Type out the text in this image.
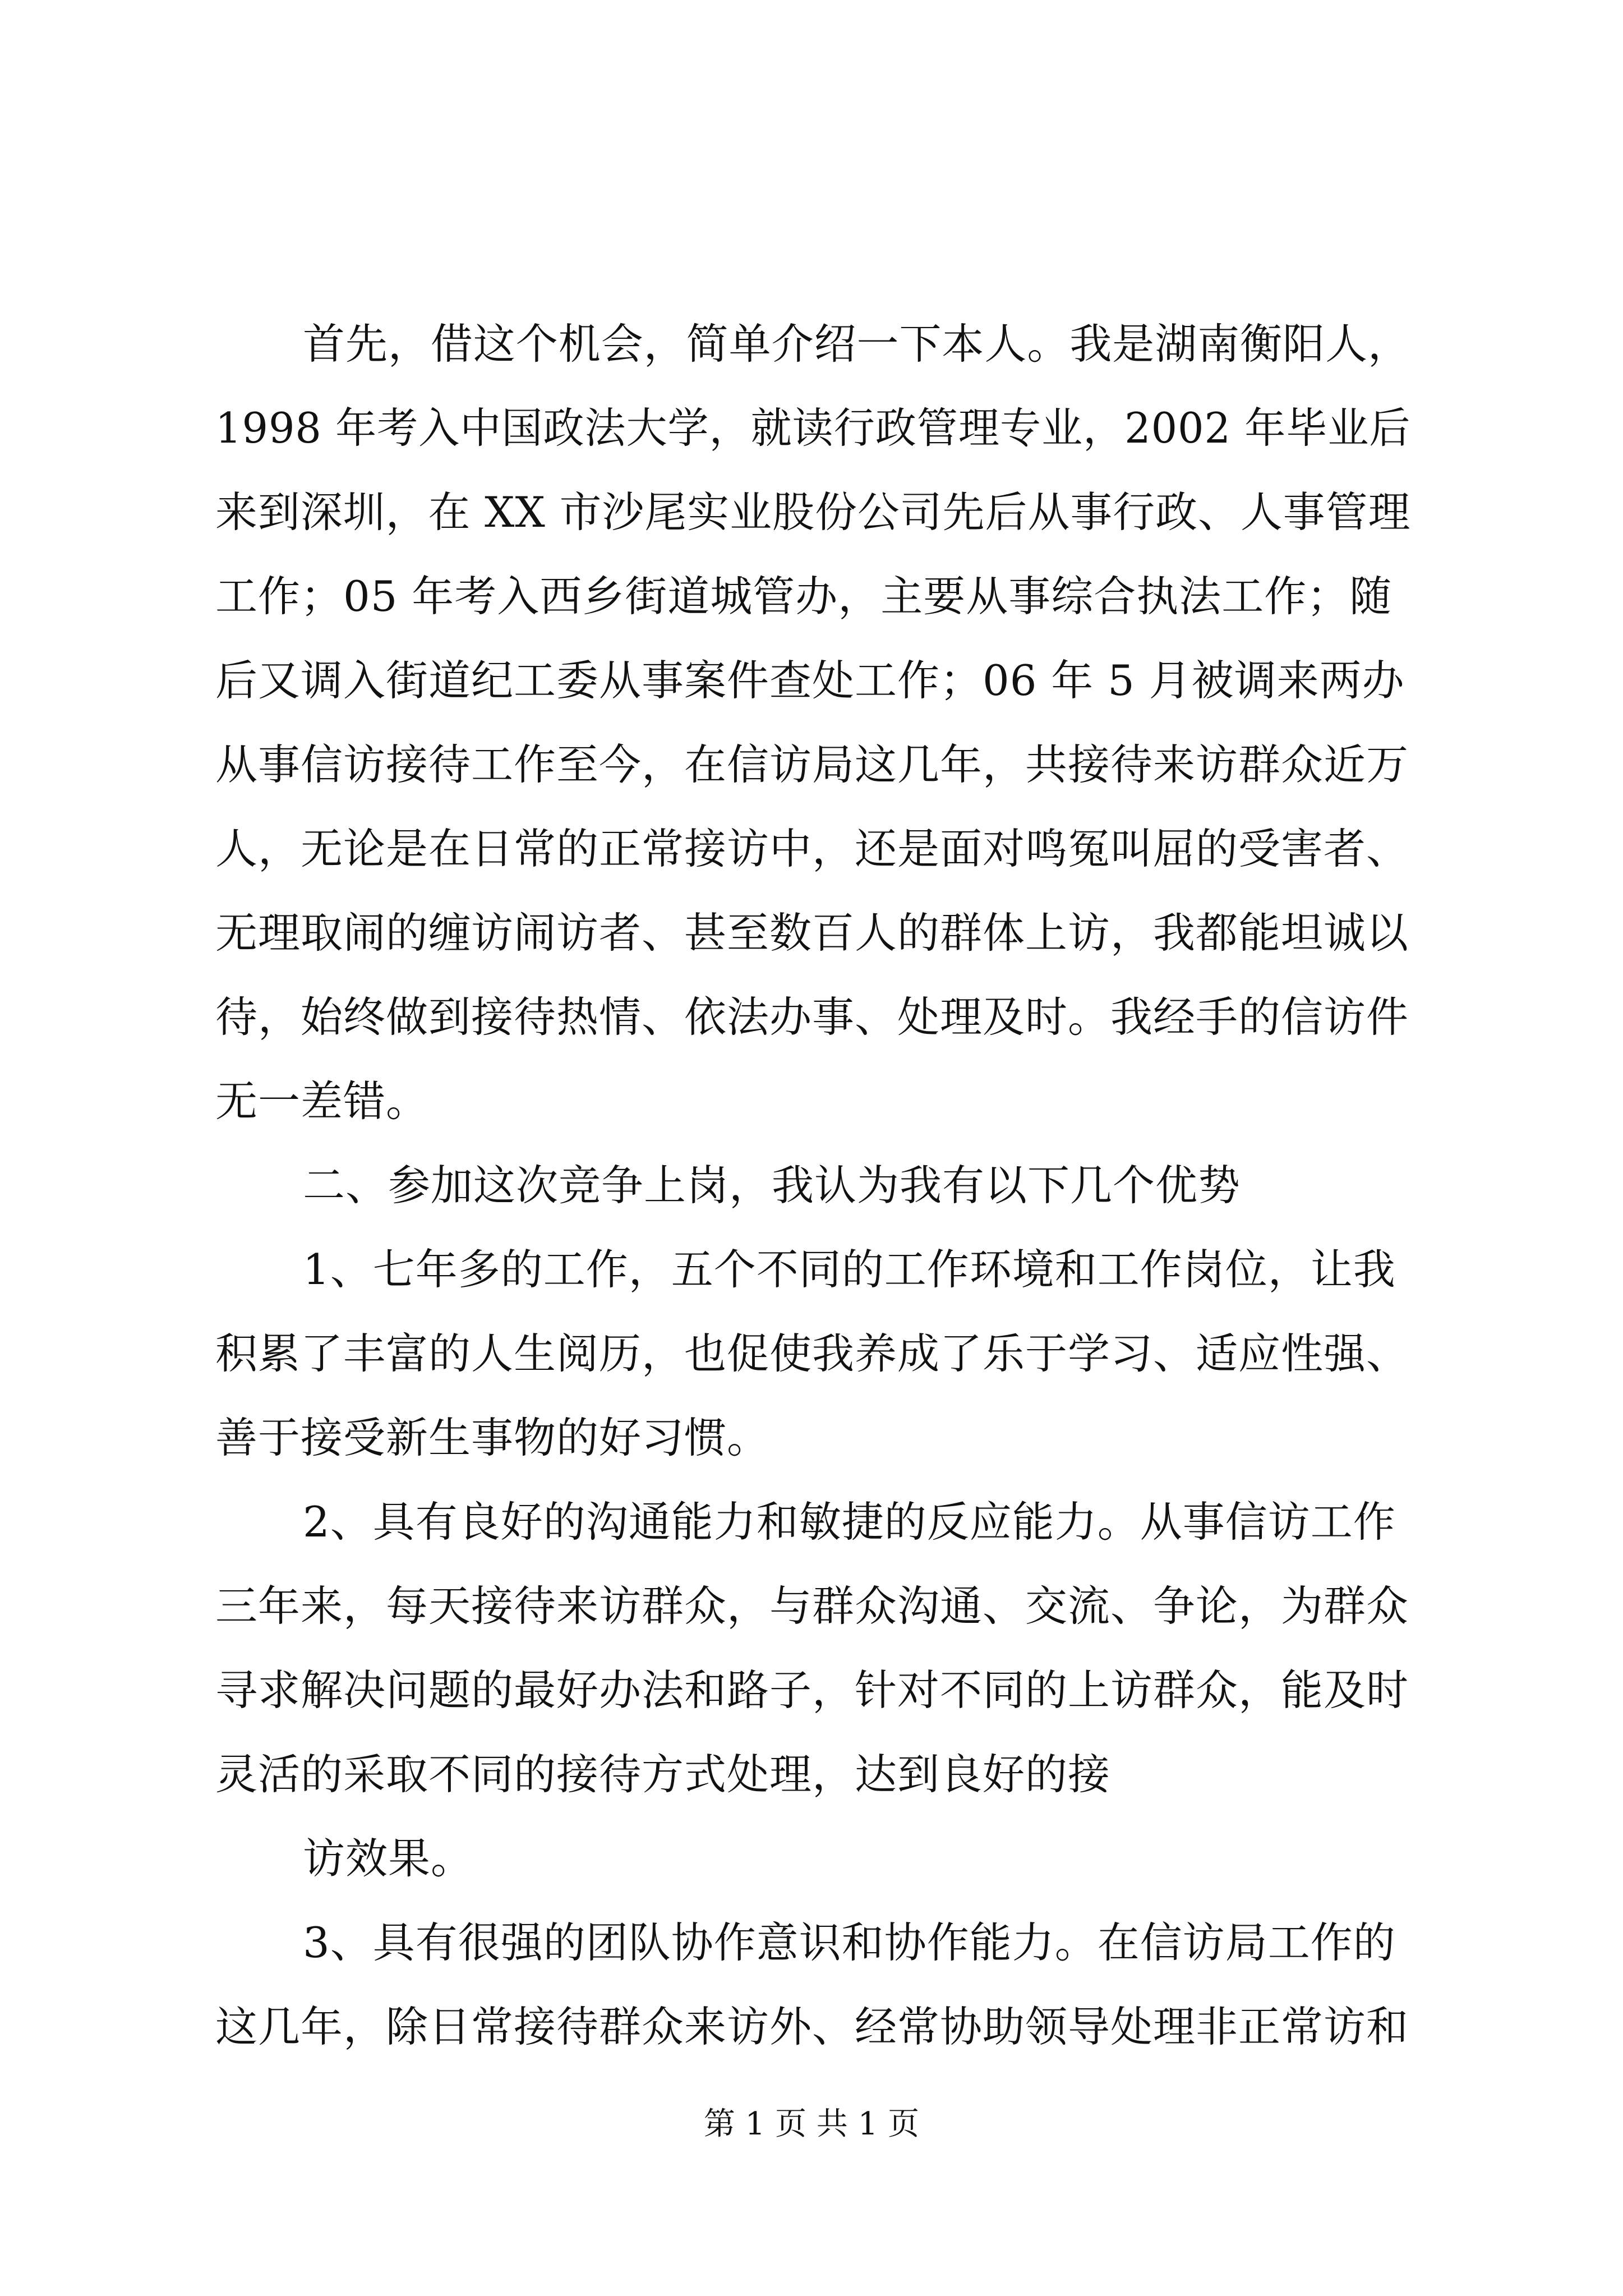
首先，借这个机会，简单介绍一下本人。我是湖南衡阳人，
1998 年考入中国政法大学，就读行政管理专业，2002 年毕业后
来到深圳，在 XX 市沙尾实业股份公司先后从事行政、人事管理
工作；05 年考入西乡街道城管办，主要从事综合执法工作；随
后又调入街道纪工委从事案件查处工作；06 年 5 月被调来两办
从事信访接待工作至今，在信访局这几年，共接待来访群众近万
人，无论是在日常的正常接访中，还是面对鸣冤叫屈的受害者、
无理取闹的缠访闹访者、甚至数百人的群体上访，我都能坦诚以
待，始终做到接待热情、依法办事、处理及时。我经手的信访件
无一差错。
二、参加这次竞争上岗，我认为我有以下几个优势
1、七年多的工作，五个不同的工作环境和工作岗位，让我
积累了丰富的人生阅历，也促使我养成了乐于学习、适应性强、
善于接受新生事物的好习惯。
2、具有良好的沟通能力和敏捷的反应能力。从事信访工作
三年来，每天接待来访群众，与群众沟通、交流、争论，为群众
寻求解决问题的最好办法和路子，针对不同的上访群众，能及时
灵活的采取不同的接待方式处理，达到良好的接
访效果。
3、具有很强的团队协作意识和协作能力。在信访局工作的
这几年，除日常接待群众来访外、经常协助领导处理非正常访和
第 1 页 共 1 页
